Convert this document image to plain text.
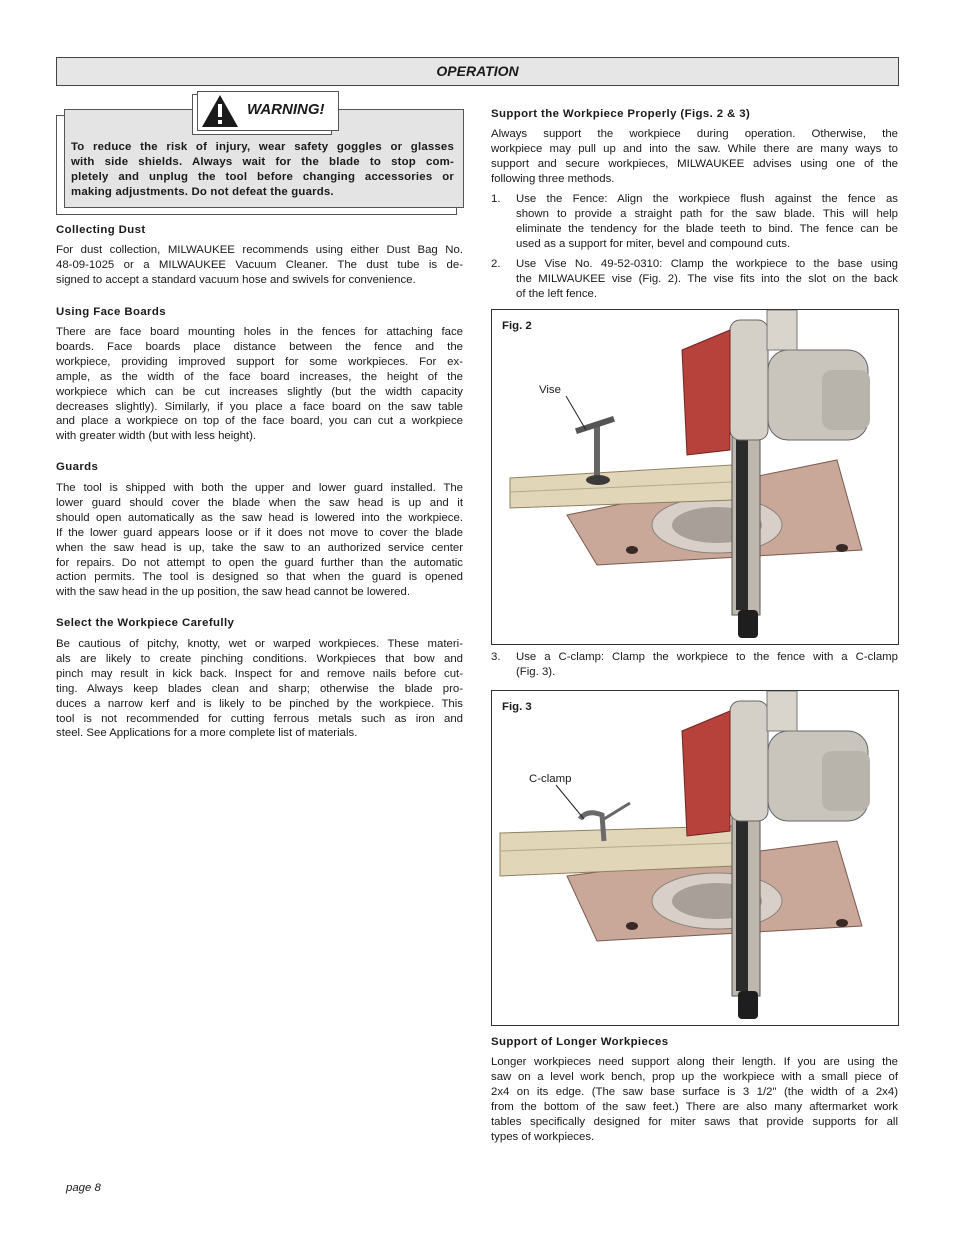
OPERATION
To reduce the risk of injury, wear safety goggles or glasses
with side shields. Always wait for the blade to stop com-
pletely and unplug the tool before changing accessories or
making adjustments. Do not defeat the guards.
WARNING!
Collecting Dust

For dust collection, MILWAUKEE recommends using either Dust Bag No.

48-09-1025 or a MILWAUKEE Vacuum Cleaner. The dust tube is de-

signed to accept a standard vacuum hose and swivels for convenience.

Using Face Boards

There are face board mounting holes in the fences for attaching face

boards. Face boards place distance between the fence and the

workpiece, providing improved support for some workpieces. For ex-

ample, as the width of the face board increases, the height of the

workpiece which can be cut increases slightly (but the width capacity

decreases slightly). Similarly, if you place a face board on the saw table

and place a workpiece on top of the face board, you can cut a workpiece

with greater width (but with less height).

Guards

The tool is shipped with both the upper and lower guard installed. The

lower guard should cover the blade when the saw head is up and it

should open automatically as the saw head is lowered into the workpiece.

If the lower guard appears loose or if it does not move to cover the blade

when the saw head is up, take the saw to an authorized service center

for repairs. Do not attempt to open the guard further than the automatic

action permits. The tool is designed so that when the guard is opened

with the saw head in the up position, the saw head cannot be lowered.

Select the Workpiece Carefully

Be cautious of pitchy, knotty, wet or warped workpieces. These materi-

als are likely to create pinching conditions. Workpieces that bow and

pinch may result in kick back. Inspect for and remove nails before cut-

ting. Always keep blades clean and sharp; otherwise the blade pro-

duces a narrow kerf and is likely to be pinched by the workpiece. This

tool is not recommended for cutting ferrous metals such as iron and

steel. See Applications for a more complete list of materials.

Support the Workpiece Properly (Figs. 2 & 3)

Always support the workpiece during operation. Otherwise, the

workpiece may pull up and into the saw. While there are many ways to

support and secure workpieces, MILWAUKEE advises using one of the

following three methods.

1. Use the Fence: Align the workpiece flush against the fence as
shown to provide a straight path for the saw blade. This will help
eliminate the tendency for the blade teeth to bind. The fence can be
used as a support for miter, bevel and compound cuts.
2. Use Vise No. 49-52-0310: Clamp the workpiece to the base using
the MILWAUKEE vise (Fig. 2). The vise fits into the slot on the back
of the left fence.
Fig. 2
Vise
3. Use a C-clamp: Clamp the workpiece to the fence with a C-clamp
(Fig. 3).
Fig. 3
C-clamp
Support of Longer Workpieces

Longer workpieces need support along their length. If you are using the

saw on a level work bench, prop up the workpiece with a small piece of

2x4 on its edge. (The saw base surface is 3 1/2" (the width of a 2x4)

from the bottom of the saw feet.) There are also many aftermarket work

tables specifically designed for miter saws that provide supports for all

types of workpieces.

page 8
